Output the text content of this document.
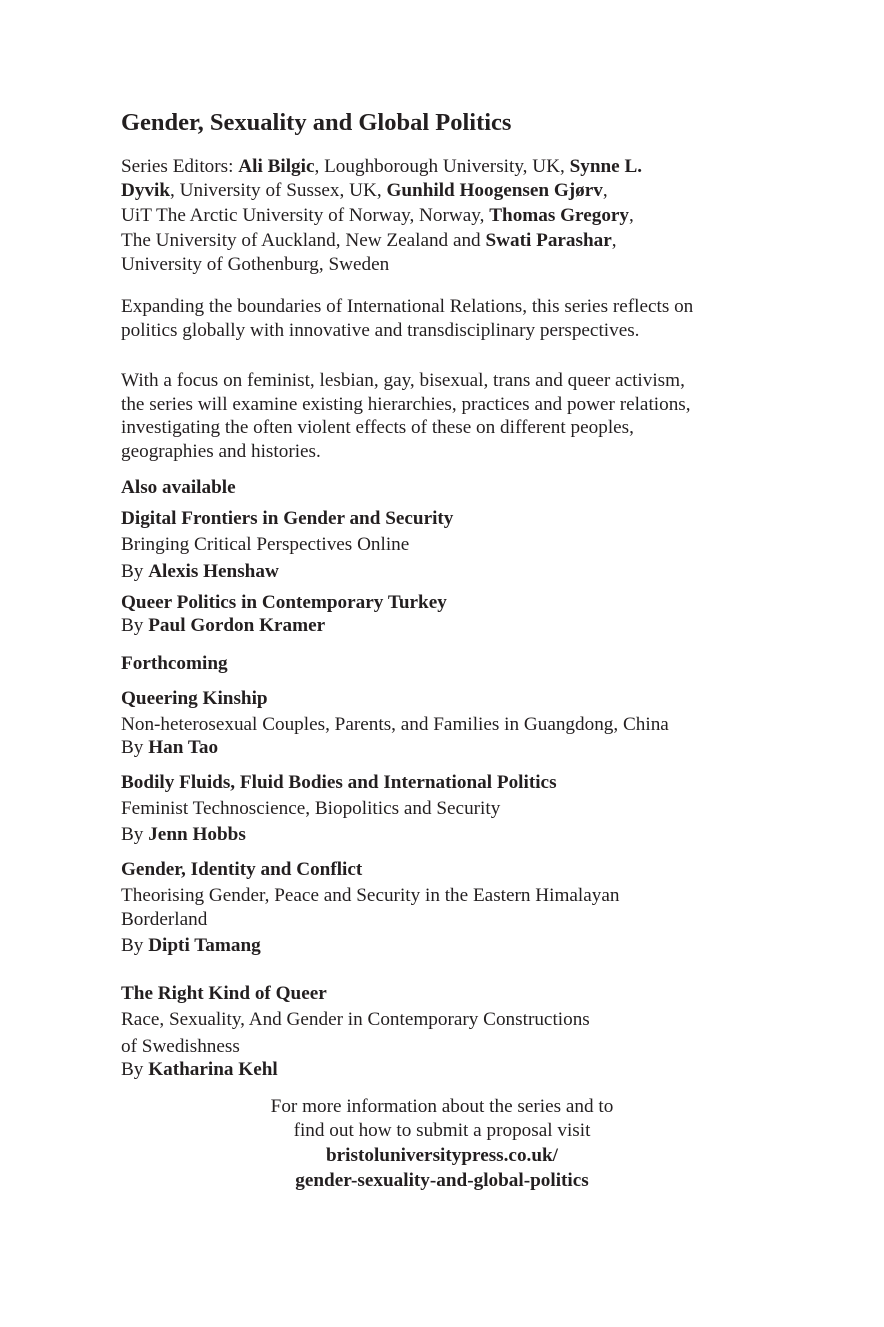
Gender, Sexuality and Global Politics
Series Editors: Ali Bilgic, Loughborough University, UK, Synne L.
Dyvik, University of Sussex, UK, Gunhild Hoogensen Gjørv,
UiT The Arctic University of Norway, Norway, Thomas Gregory,
The University of Auckland, New Zealand and Swati Parashar,
University of Gothenburg, Sweden
Expanding the boundaries of International Relations, this series reflects on
politics globally with innovative and transdisciplinary perspectives.
With a focus on feminist, lesbian, gay, bisexual, trans and queer activism,
the series will examine existing hierarchies, practices and power relations,
investigating the often violent effects of these on different peoples,
geographies and histories.
Also available
Digital Frontiers in Gender and Security
Bringing Critical Perspectives Online
By Alexis Henshaw
Queer Politics in Contemporary Turkey
By Paul Gordon Kramer
Forthcoming
Queering Kinship
Non-heterosexual Couples, Parents, and Families in Guangdong, China
By Han Tao
Bodily Fluids, Fluid Bodies and International Politics
Feminist Technoscience, Biopolitics and Security
By Jenn Hobbs
Gender, Identity and Conflict
Theorising Gender, Peace and Security in the Eastern Himalayan
Borderland
By Dipti Tamang
The Right Kind of Queer
Race, Sexuality, And Gender in Contemporary Constructions
of Swedishness
By Katharina Kehl
For more information about the series and to
find out how to submit a proposal visit
bristoluniversitypress.co.uk/
gender-sexuality-and-global-politics
